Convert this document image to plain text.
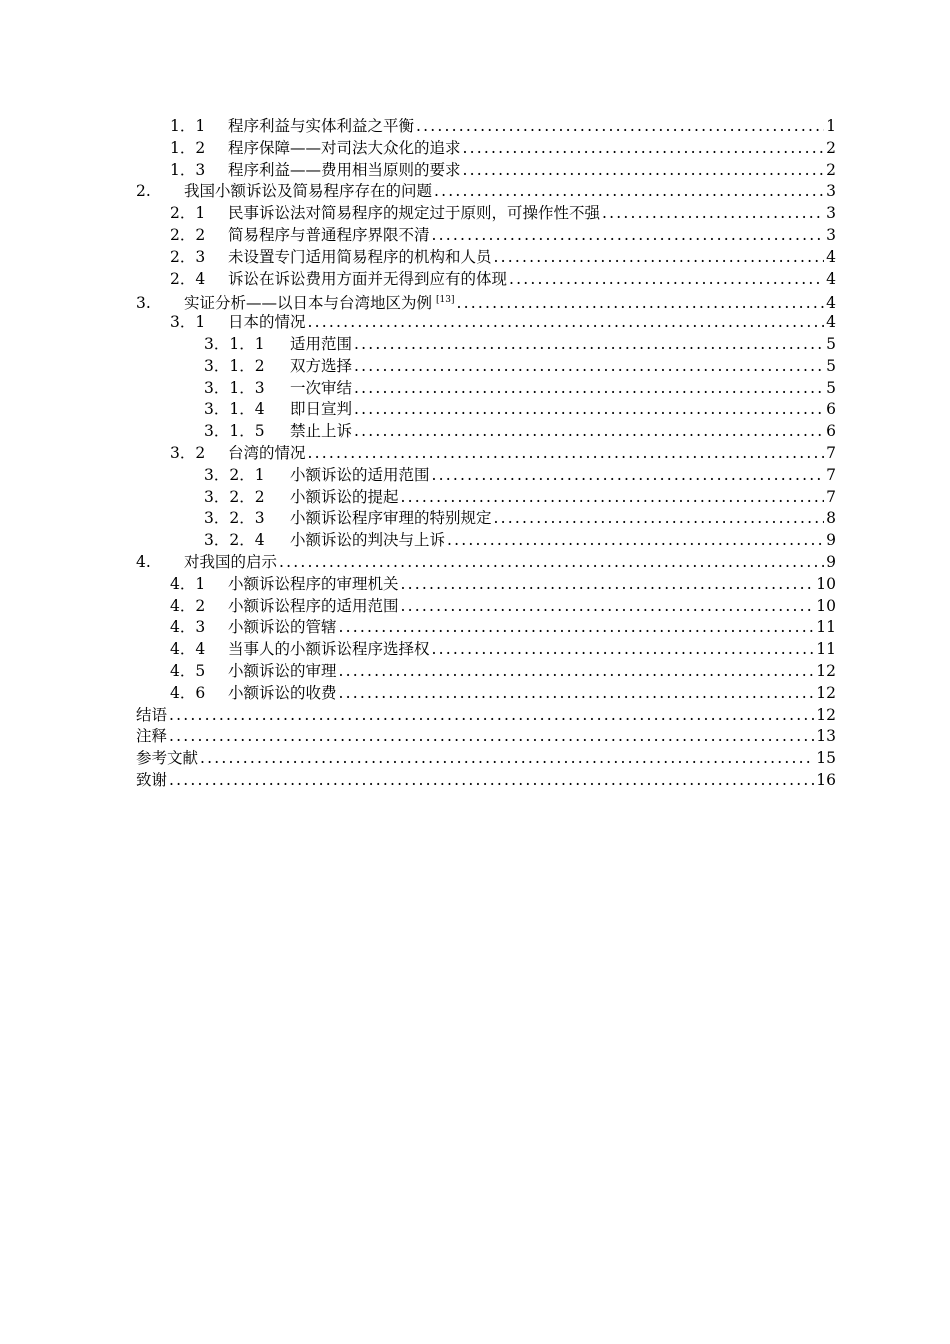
1．1	程序利益与实体利益之平衡 .....	1
1．2	程序保障——对司法大众化的追求 .....	2
1．3	程序利益——费用相当原则的要求 .....	2
2.	我国小额诉讼及简易程序存在的问题 .....	3
2．1	民事诉讼法对简易程序的规定过于原则，可操作性不强 .....	3
2．2	简易程序与普通程序界限不清 .....	3
2．3	未设置专门适用简易程序的机构和人员 .....	4
2．4	诉讼在诉讼费用方面并无得到应有的体现 .....	4
3.	实证分析——以日本与台湾地区为例 [13] .....	4
3．1	日本的情况 .....	4
3．1．1	适用范围 .....	5
3．1．2	双方选择 .....	5
3．1．3	一次审结 .....	5
3．1．4	即日宣判 .....	6
3．1．5	禁止上诉 .....	6
3．2	台湾的情况 .....	7
3．2．1	小额诉讼的适用范围 .....	7
3．2．2	小额诉讼的提起 .....	7
3．2．3	小额诉讼程序审理的特别规定 .....	8
3．2．4	小额诉讼的判决与上诉 .....	9
4.	对我国的启示 .....	9
4．1	小额诉讼程序的审理机关 .....	10
4．2	小额诉讼程序的适用范围 .....	10
4．3	小额诉讼的管辖 .....	11
4．4	当事人的小额诉讼程序选择权 .....	11
4．5	小额诉讼的审理 .....	12
4．6	小额诉讼的收费 .....	12
结语 .....	12
注释 .....	13
参考文献 .....	15
致谢 .....	16
